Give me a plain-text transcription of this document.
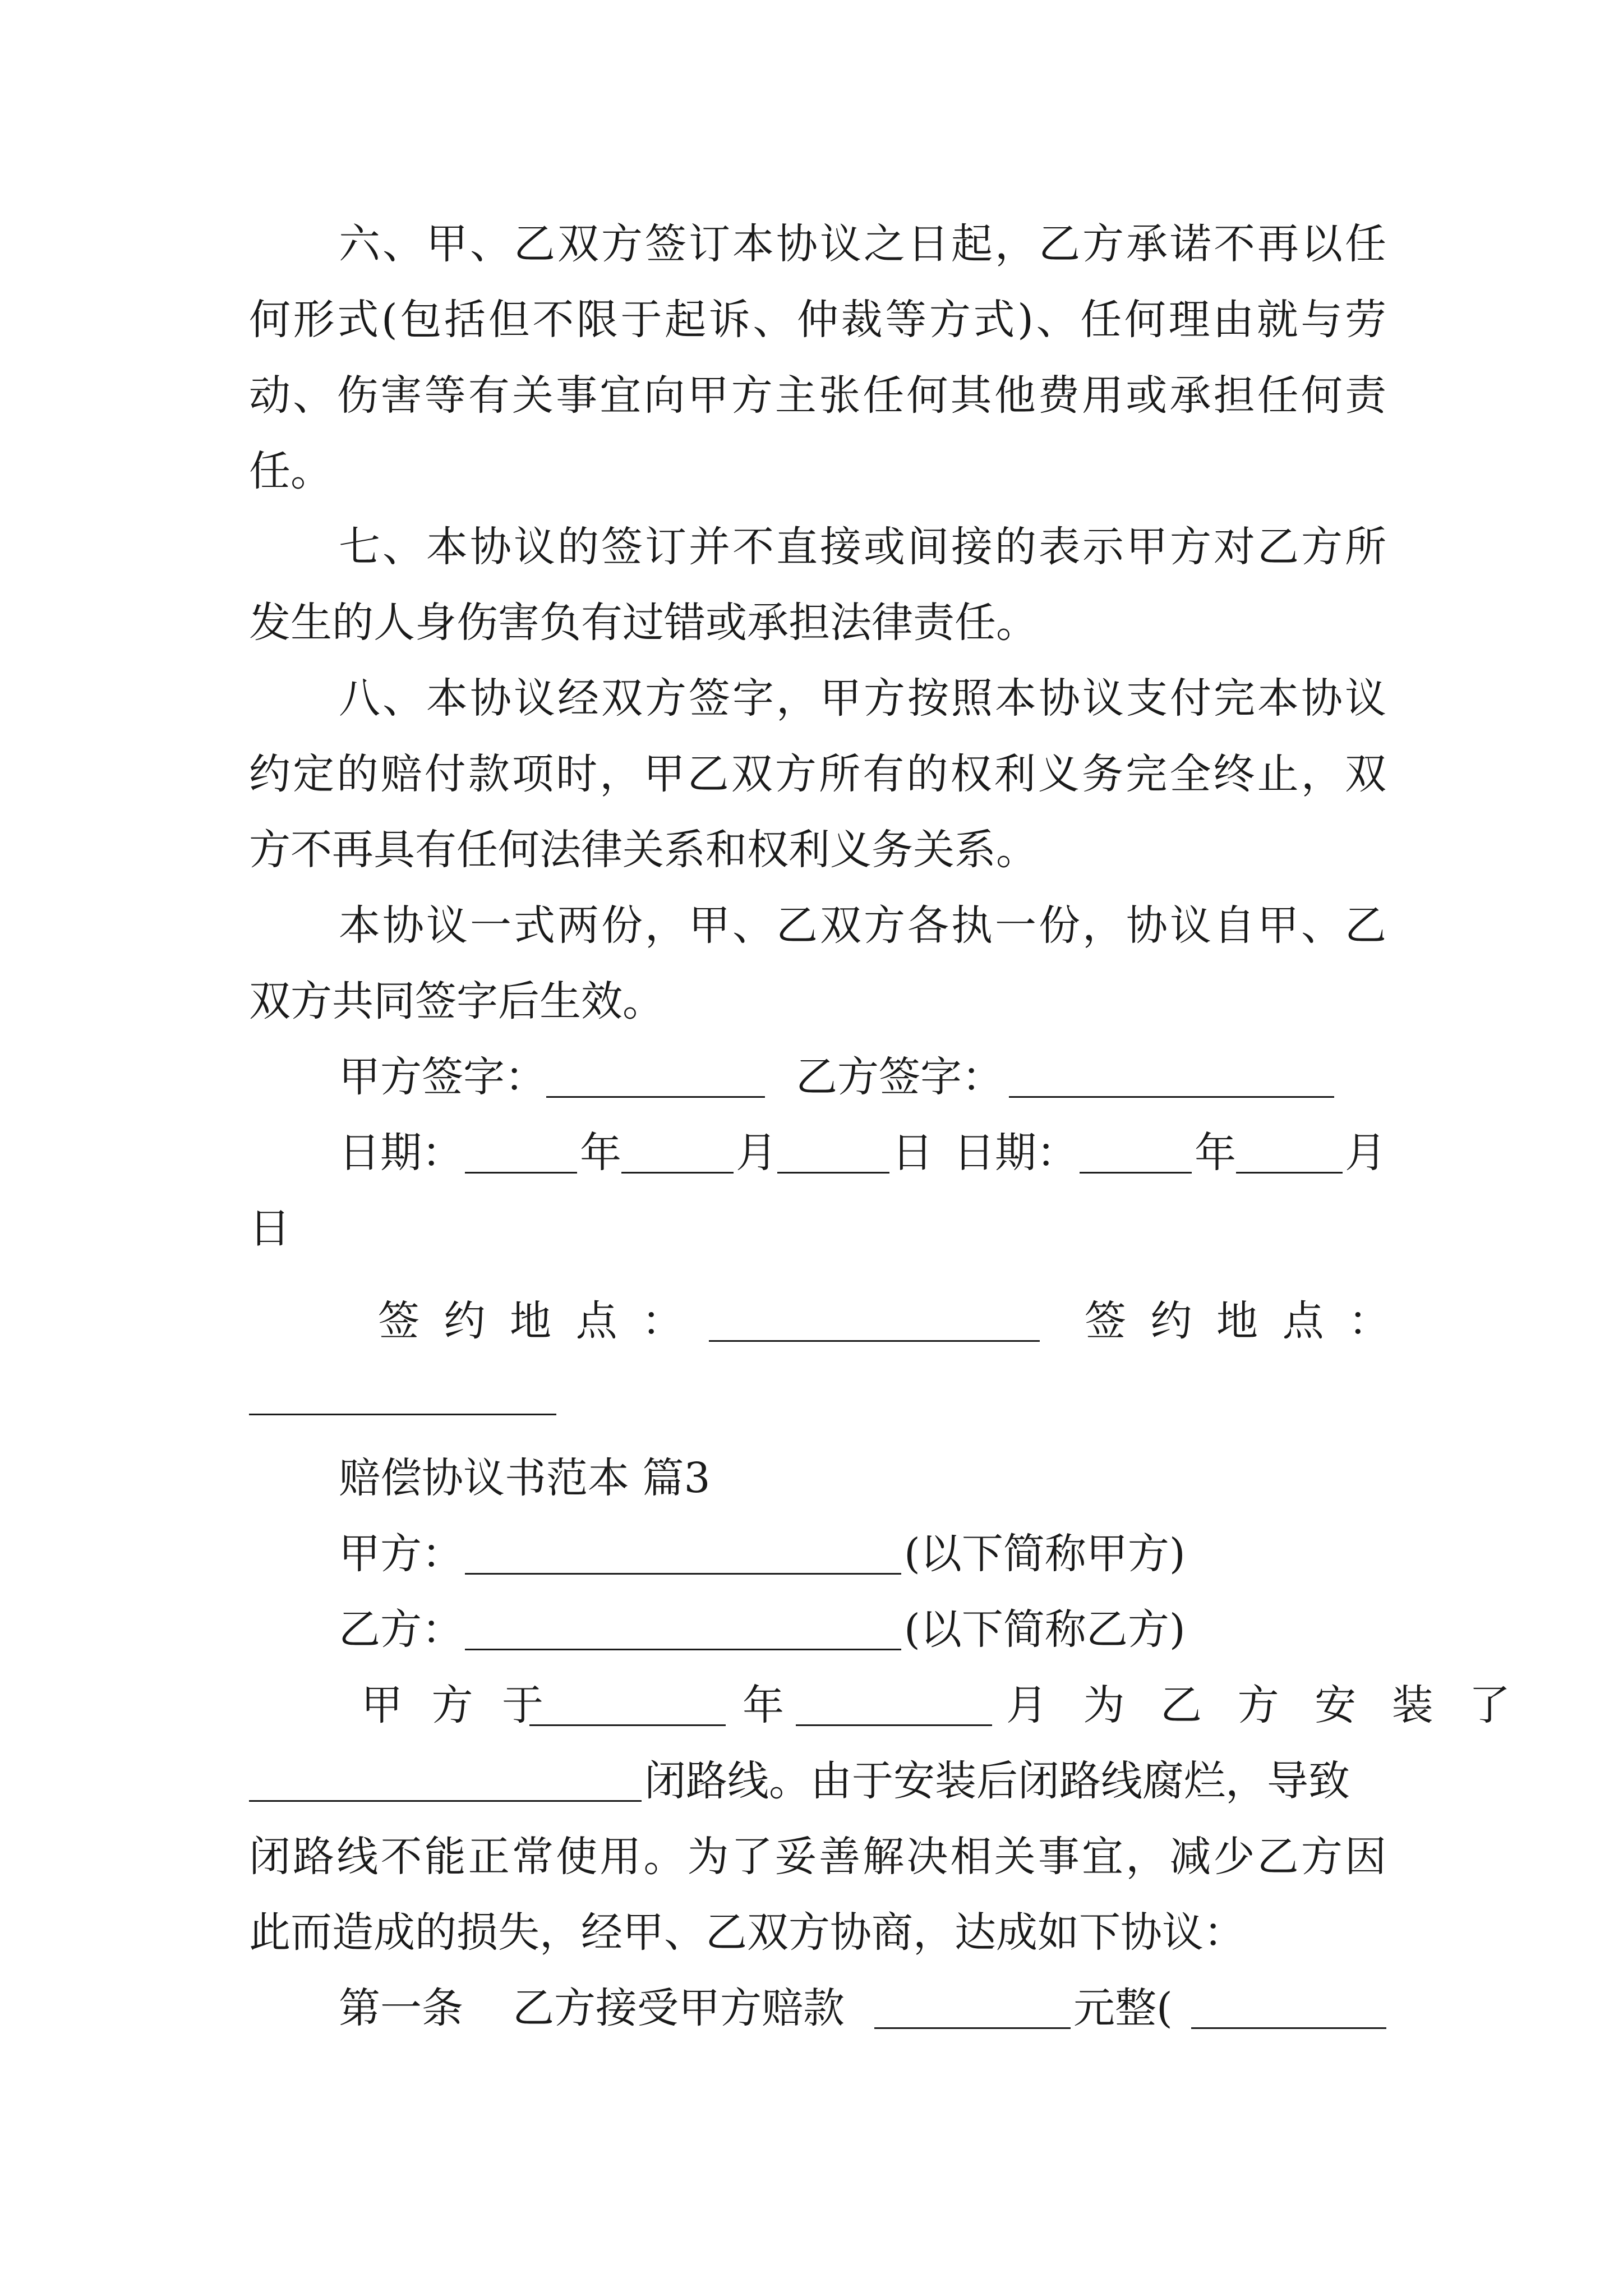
六、甲、乙双方签订本协议之日起，乙方承诺不再以任
何形式(包括但不限于起诉、仲裁等方式)、任何理由就与劳
动、伤害等有关事宜向甲方主张任何其他费用或承担任何责
任。
七、本协议的签订并不直接或间接的表示甲方对乙方所
发生的人身伤害负有过错或承担法律责任。
八、本协议经双方签字，甲方按照本协议支付完本协议
约定的赔付款项时，甲乙双方所有的权利义务完全终止，双
方不再具有任何法律关系和权利义务关系。
本协议一式两份，甲、乙双方各执一份，协议自甲、乙
双方共同签字后生效。
甲方签字：	乙方签字：
日期：	年	月	日 日期：	年	月
日
签 约 地 点 ：	签 约 地 点 ：
赔偿协议书范本 篇3
甲方：	(以下简称甲方)
乙方：	(以下简称乙方)
甲 方 于	年	月 为 乙 方 安 装 了
闭路线。由于安装后闭路线腐烂，导致
闭路线不能正常使用。为了妥善解决相关事宜，减少乙方因
此而造成的损失，经甲、乙双方协商，达成如下协议：
第一条 乙方接受甲方赔款	元整(
